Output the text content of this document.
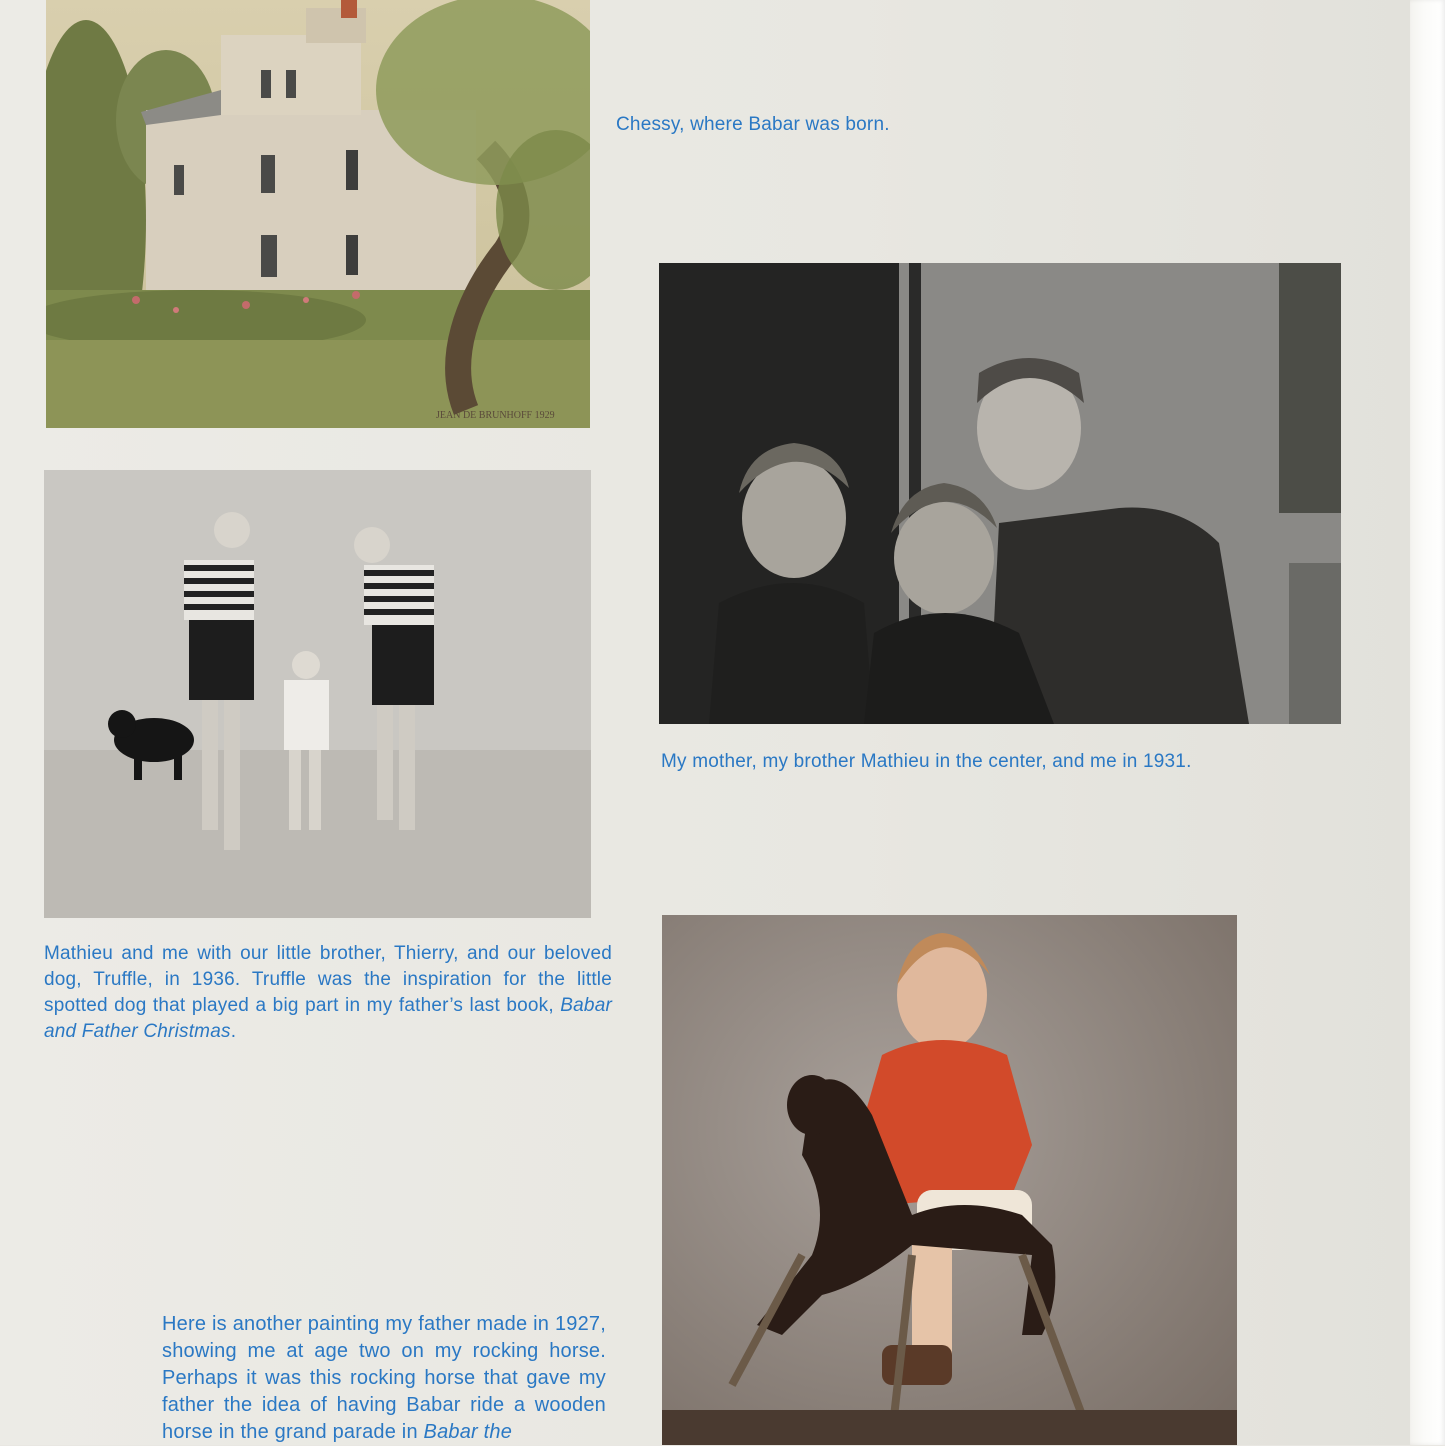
JEAN DE BRUNHOFF 1929
Chessy, where Babar was born.
My mother, my brother Mathieu in the center, and me in 1931.
Mathieu and me with our little brother, Thierry, and our beloved dog, Truffle, in 1936. Truffle was the inspiration for the little spotted dog that played a big part in my father’s last book, Babar and Father Christmas.
Here is another painting my father made in 1927, showing me at age two on my rocking horse. Perhaps it was this rocking horse that gave my father the idea of having Babar ride a wooden horse in the grand parade in Babar the
